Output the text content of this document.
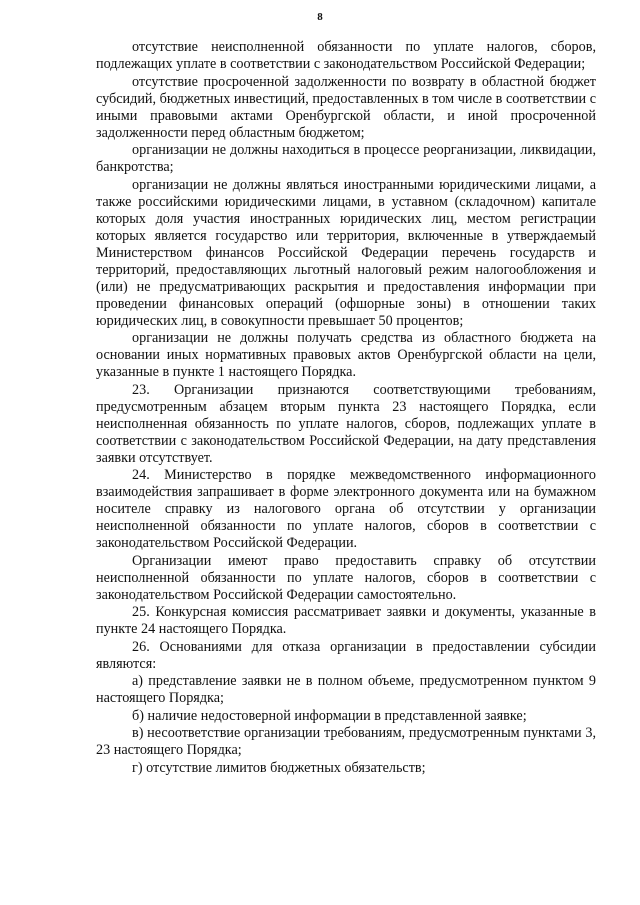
8

отсутствие неисполненной обязанности по уплате налогов, сборов, подлежащих уплате в соответствии с законодательством Российской Федерации;

отсутствие просроченной задолженности по возврату в областной бюджет субсидий, бюджетных инвестиций, предоставленных в том числе в соответствии с иными правовыми актами Оренбургской области, и иной просроченной задолженности перед областным бюджетом;

организации не должны находиться в процессе реорганизации, ликвидации, банкротства;

организации не должны являться иностранными юридическими лицами, а также российскими юридическими лицами, в уставном (складочном) капитале которых доля участия иностранных юридических лиц, местом регистрации которых является государство или территория, включенные в утверждаемый Министерством финансов Российской Федерации перечень государств и территорий, предоставляющих льготный налоговый режим налогообложения и (или) не предусматривающих раскрытия и предоставления информации при проведении финансовых операций (офшорные зоны) в отношении таких юридических лиц, в совокупности превышает 50 процентов;

организации не должны получать средства из областного бюджета на основании иных нормативных правовых актов Оренбургской области на цели, указанные в пункте 1 настоящего Порядка.

23. Организации признаются соответствующими требованиям, предусмотренным абзацем вторым пункта 23 настоящего Порядка, если неисполненная обязанность по уплате налогов, сборов, подлежащих уплате в соответствии с законодательством Российской Федерации, на дату представления заявки отсутствует.

24. Министерство в порядке межведомственного информационного взаимодействия запрашивает в форме электронного документа или на бумажном носителе справку из налогового органа об отсутствии у организации неисполненной обязанности по уплате налогов, сборов в соответствии с законодательством Российской Федерации.

Организации имеют право предоставить справку об отсутствии неисполненной обязанности по уплате налогов, сборов в соответствии с законодательством Российской Федерации самостоятельно.

25. Конкурсная комиссия рассматривает заявки и документы, указанные в пункте 24 настоящего Порядка.

26. Основаниями для отказа организации в предоставлении субсидии являются:

а) представление заявки не в полном объеме, предусмотренном пунктом 9 настоящего Порядка;

б) наличие недостоверной информации в представленной заявке;

в) несоответствие организации требованиям, предусмотренным пунктами 3, 23 настоящего Порядка;

г) отсутствие лимитов бюджетных обязательств;
